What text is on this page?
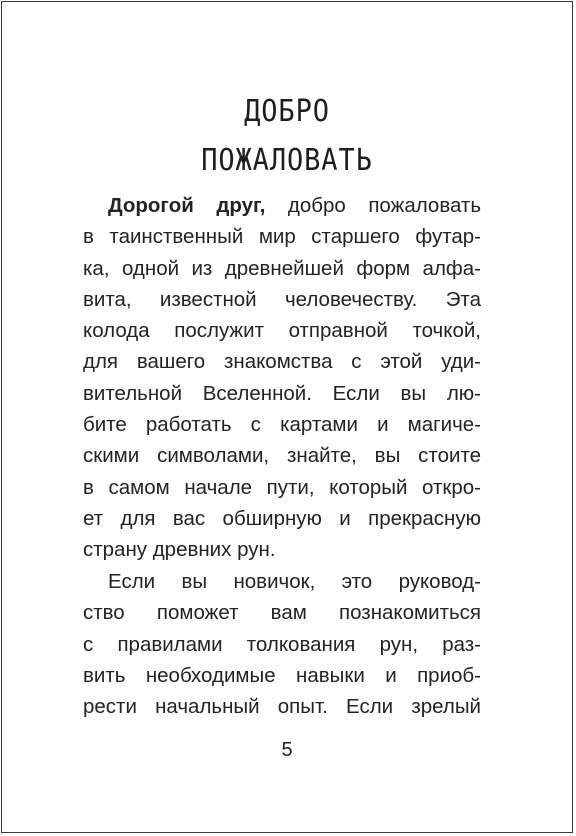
ДОБРО
ПОЖАЛОВАТЬ
Дорогой друг, добро пожаловать
в таинственный мир старшего футар-
ка, одной из древнейшей форм алфа-
вита, известной человечеству. Эта
колода послужит отправной точкой,
для вашего знакомства с этой уди-
вительной Вселенной. Если вы лю-
бите работать с картами и магиче-
скими символами, знайте, вы стоите
в самом начале пути, который откро-
ет для вас обширную и прекрасную
страну древних рун.
Если вы новичок, это руковод-
ство поможет вам познакомиться
с правилами толкования рун, раз-
вить необходимые навыки и приоб-
рести начальный опыт. Если зрелый
5
